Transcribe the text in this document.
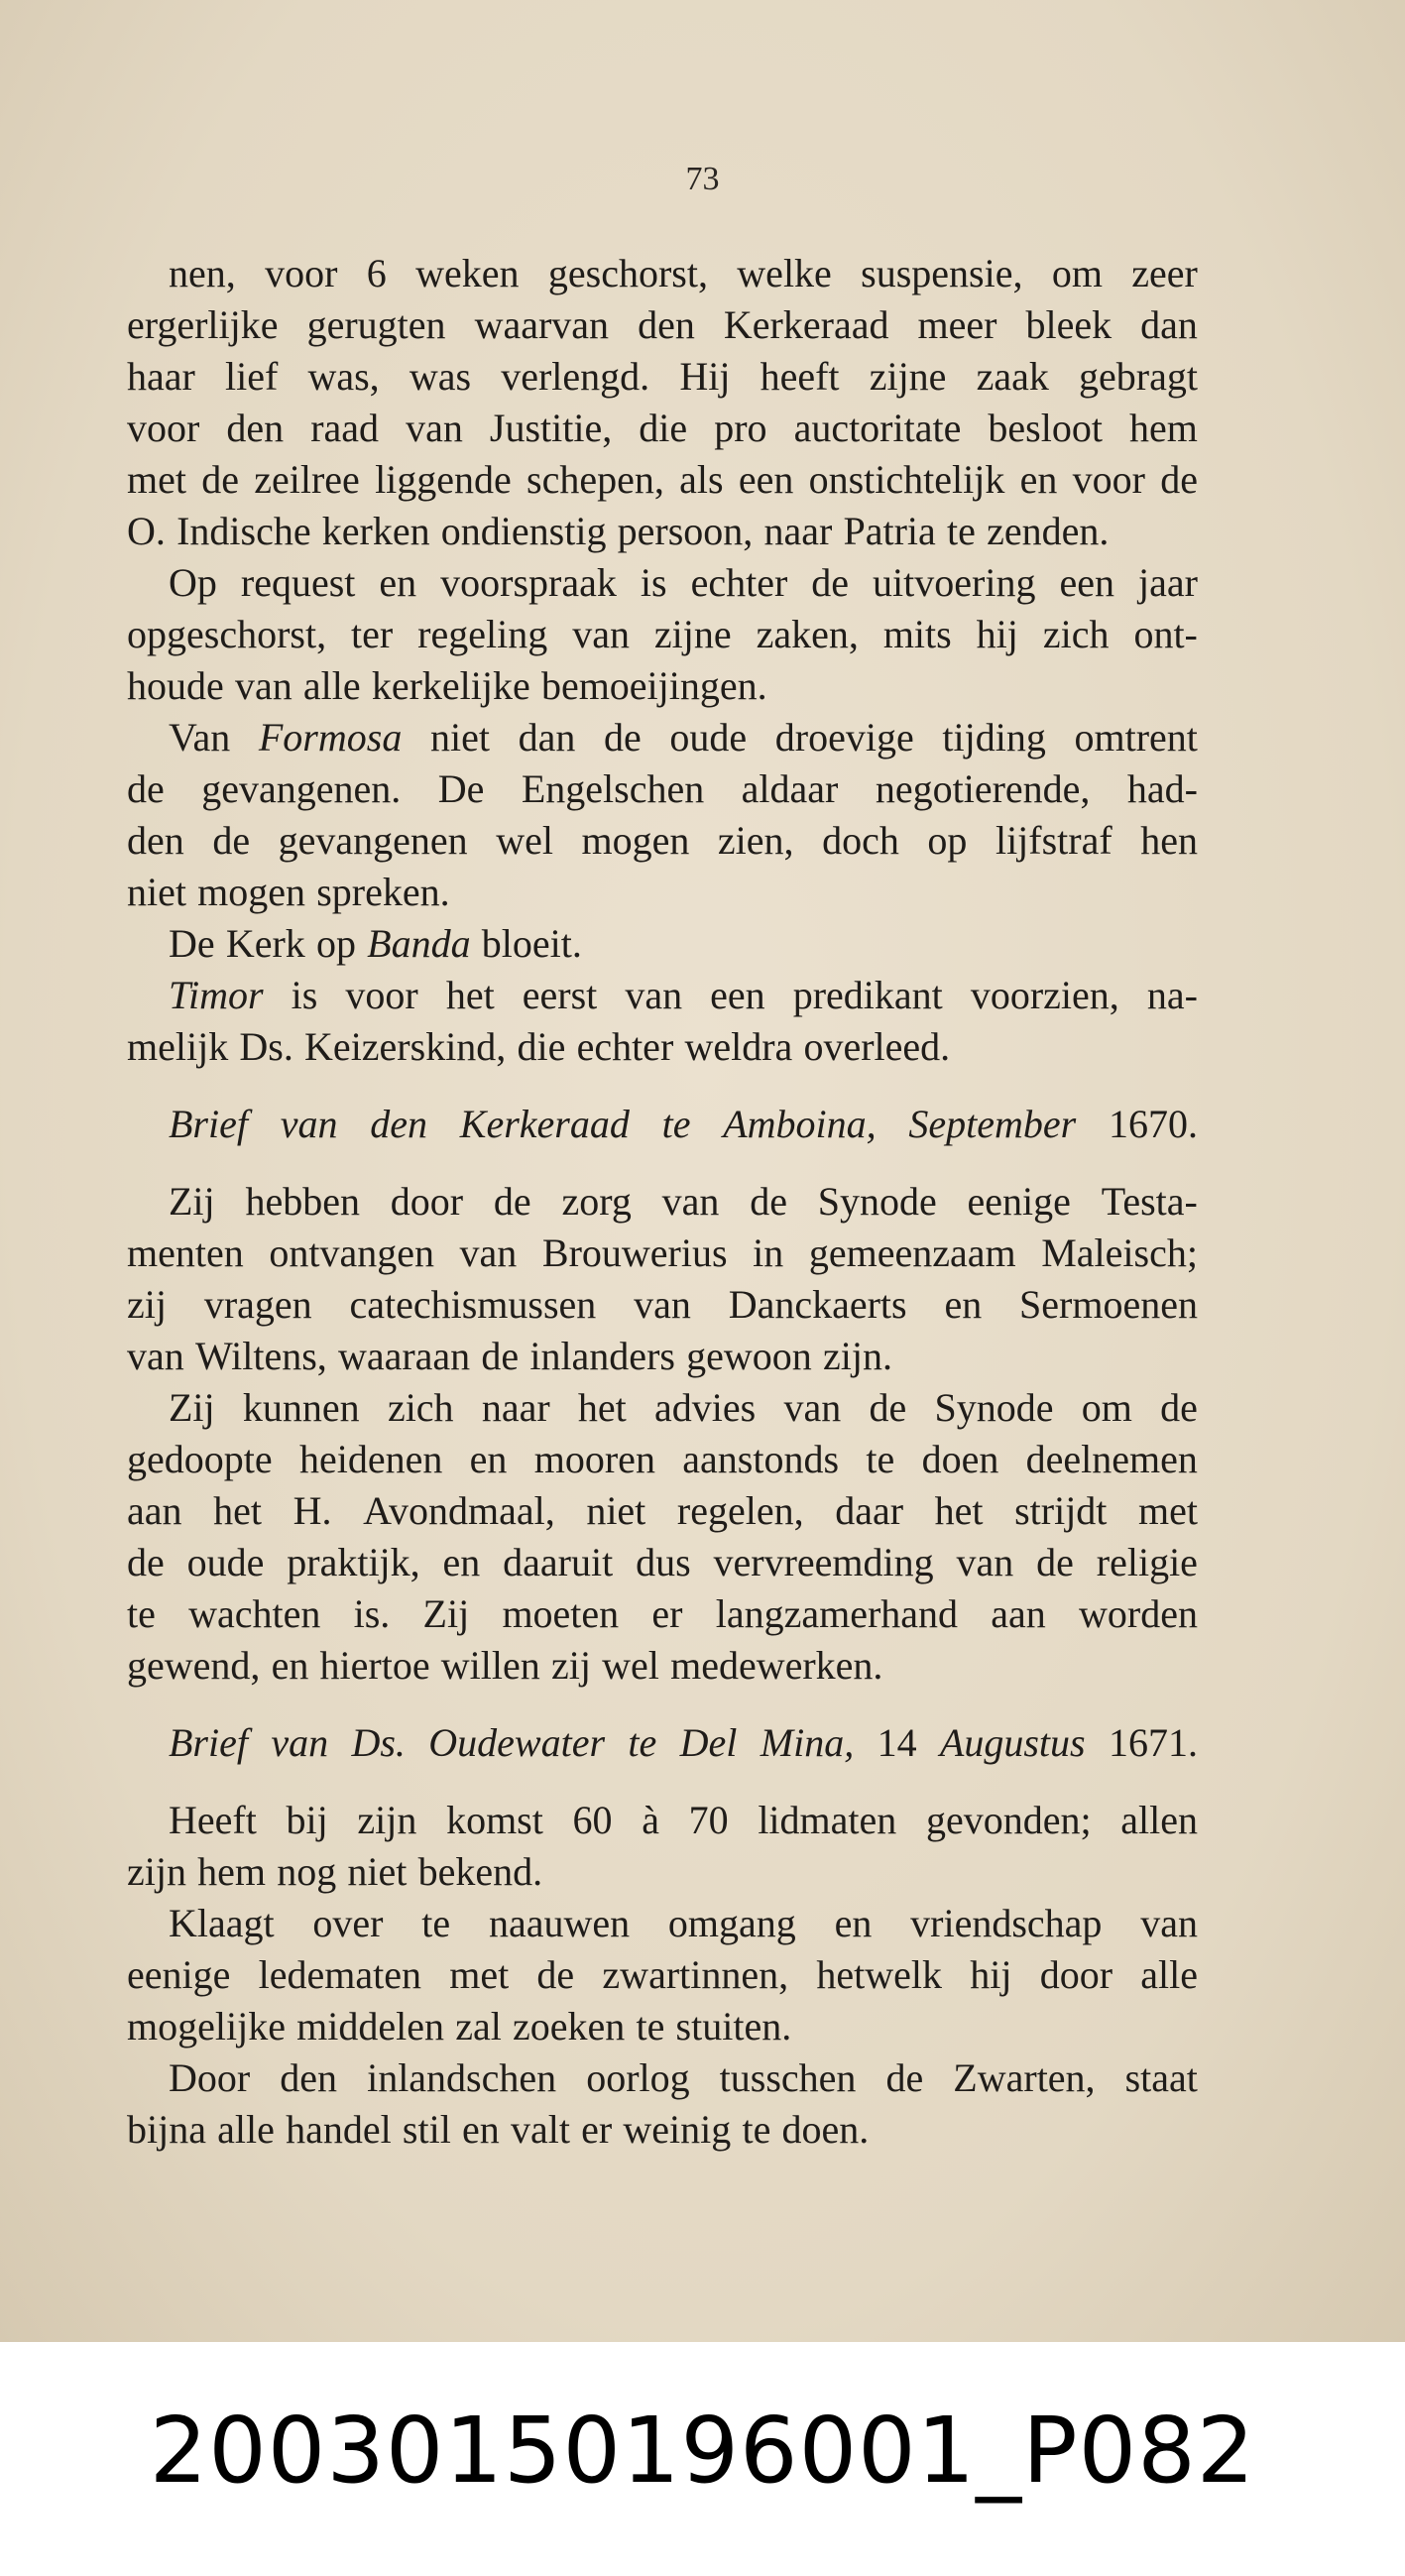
73
nen, voor 6 weken geschorst, welke suspensie, om zeer
ergerlijke gerugten waarvan den Kerkeraad meer bleek dan
haar lief was, was verlengd. Hij heeft zijne zaak gebragt
voor den raad van Justitie, die pro auctoritate besloot hem
met de zeilree liggende schepen, als een onstichtelijk en voor de
O. Indische kerken ondienstig persoon, naar Patria te zenden.
Op request en voorspraak is echter de uitvoering een jaar
opgeschorst, ter regeling van zijne zaken, mits hij zich ont-
houde van alle kerkelijke bemoeijingen.
Van Formosa niet dan de oude droevige tijding omtrent
de gevangenen. De Engelschen aldaar negotierende, had-
den de gevangenen wel mogen zien, doch op lijfstraf hen
niet mogen spreken.
De Kerk op Banda bloeit.
Timor is voor het eerst van een predikant voorzien, na-
melijk Ds. Keizerskind, die echter weldra overleed.
Brief van den Kerkeraad te Amboina, September 1670.
Zij hebben door de zorg van de Synode eenige Testa-
menten ontvangen van Brouwerius in gemeenzaam Maleisch;
zij vragen catechismussen van Danckaerts en Sermoenen
van Wiltens, waaraan de inlanders gewoon zijn.
Zij kunnen zich naar het advies van de Synode om de
gedoopte heidenen en mooren aanstonds te doen deelnemen
aan het H. Avondmaal, niet regelen, daar het strijdt met
de oude praktijk, en daaruit dus vervreemding van de religie
te wachten is. Zij moeten er langzamerhand aan worden
gewend, en hiertoe willen zij wel medewerken.
Brief van Ds. Oudewater te Del Mina, 14 Augustus 1671.
Heeft bij zijn komst 60 à 70 lidmaten gevonden; allen
zijn hem nog niet bekend.
Klaagt over te naauwen omgang en vriendschap van
eenige ledematen met de zwartinnen, hetwelk hij door alle
mogelijke middelen zal zoeken te stuiten.
Door den inlandschen oorlog tusschen de Zwarten, staat
bijna alle handel stil en valt er weinig te doen.
20030150196001_P082
